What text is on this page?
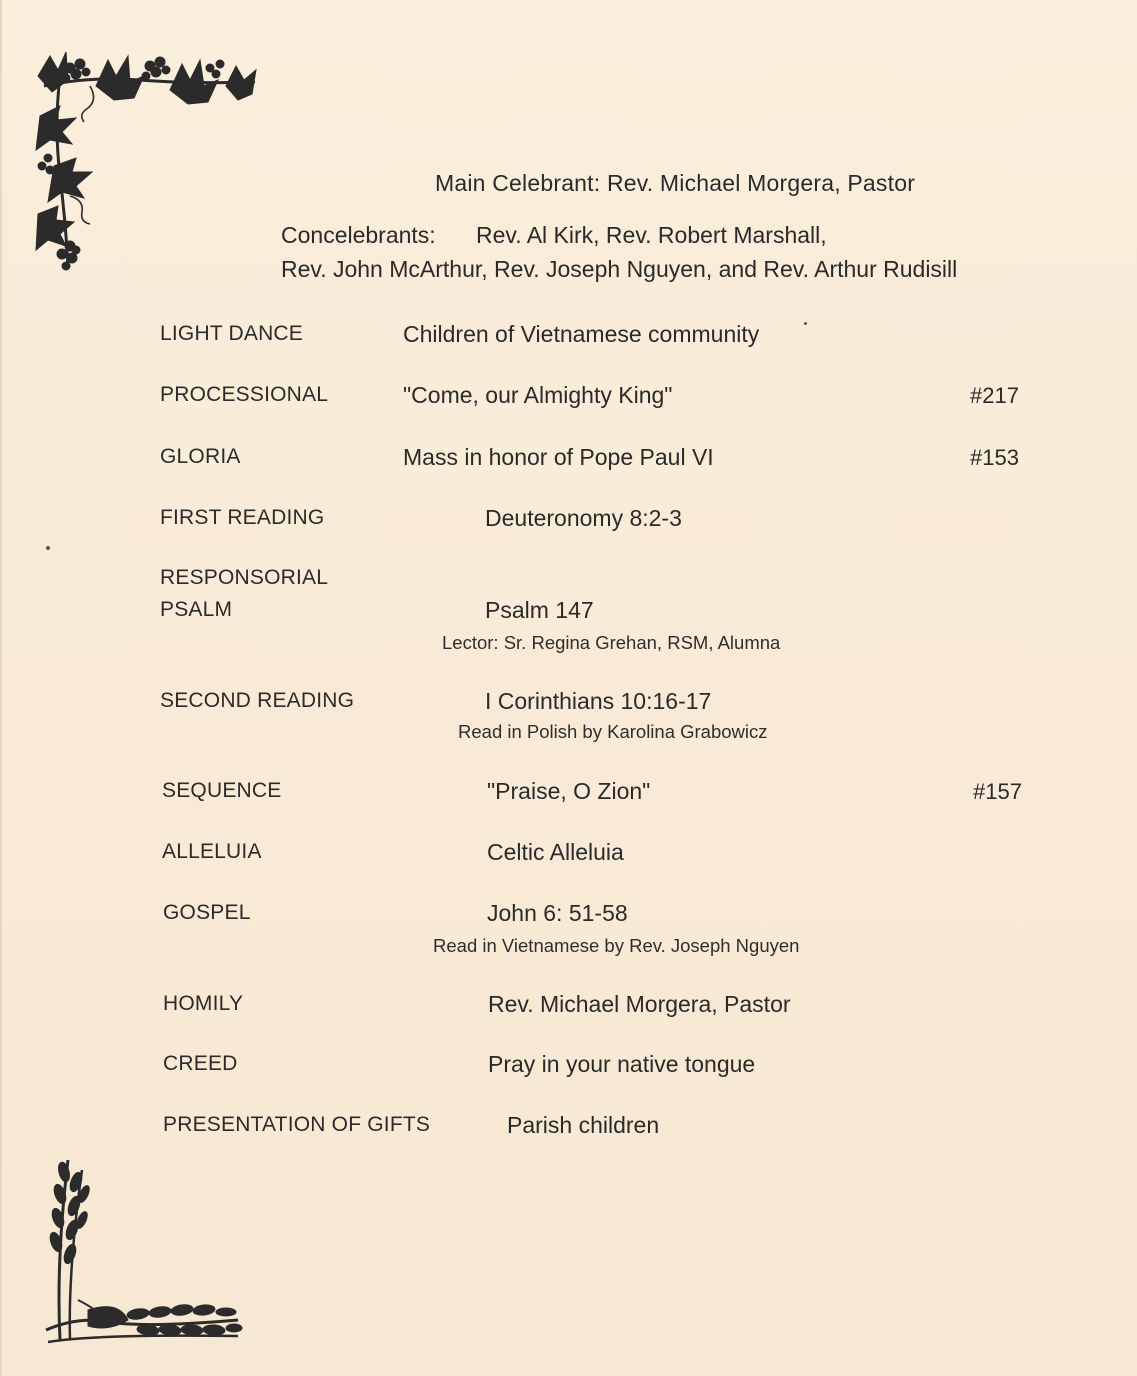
Main Celebrant: Rev. Michael Morgera, Pastor
Concelebrants: Rev. Al Kirk, Rev. Robert Marshall,
Rev. John McArthur, Rev. Joseph Nguyen, and Rev. Arthur Rudisill
LIGHT DANCE	Children of Vietnamese community
PROCESSIONAL	"Come, our Almighty King"	#217
GLORIA	Mass in honor of Pope Paul VI	#153
FIRST READING	Deuteronomy 8:2-3
RESPONSORIAL
PSALM	Psalm 147
Lector: Sr. Regina Grehan, RSM, Alumna
SECOND READING	I Corinthians 10:16-17
Read in Polish by Karolina Grabowicz
SEQUENCE	"Praise, O Zion"	#157
ALLELUIA	Celtic Alleluia
GOSPEL	John 6: 51-58
Read in Vietnamese by Rev. Joseph Nguyen
HOMILY	Rev. Michael Morgera, Pastor
CREED	Pray in your native tongue
PRESENTATION OF GIFTS	Parish children
